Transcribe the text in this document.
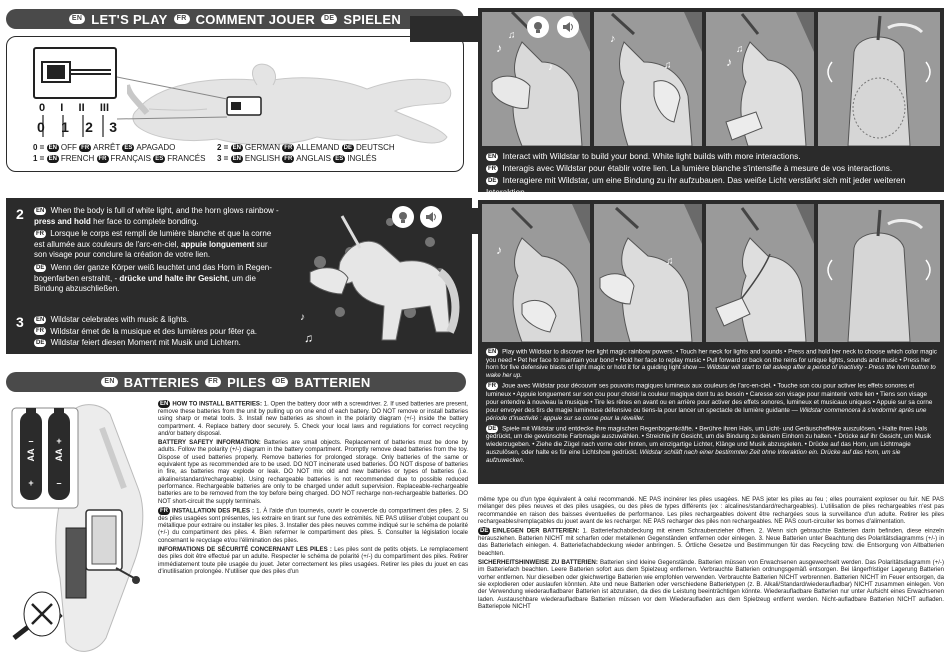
EN LET'S PLAY	FR COMMENT JOUER	DE SPIELEN
0 I II III
0 1 2 3
0 = EN OFF FR ARRÊT ES APAGADO
1 = EN FRENCH FR FRANÇAIS ES FRANCÉS
2 = EN GERMAN FR ALLEMAND DE DEUTSCH
3 = EN ENGLISH FR ANGLAIS ES INGLÉS
♪
♫
♪
♪
♫	♪
♫
EN Interact with Wildstar to build your bond. White light builds with more interactions.
FR Interagis avec Wildstar pour établir votre lien. La lumière blanche s'intensifie à mesure de vos interactions.
DE Interagiere mit Wildstar, um eine Bindung zu ihr aufzubauen. Das weiße Licht verstärkt sich mit jeder weiteren Interaktion.
2	EN When the body is full of white light, and the horn glows rainbow - press and hold her face to complete bonding.
FR Lorsque le corps est rempli de lumière blanche et que la corne est allumée aux couleurs de l'arc-en-ciel, appuie longuement sur son visage pour conclure la création de votre lien.
DE Wenn der ganze Körper weiß leuchtet und das Horn in Regen-bogenfarben erstrahlt, - drücke und halte ihr Gesicht, um die Bindung abzuschließen.
3	EN Wildstar celebrates with music & lights.
FR Wildstar émet de la musique et des lumières pour fêter ça.
DE Wildstar feiert diesen Moment mit Musik und Lichtern.	♫
♪
♪
♫
EN Play with Wildstar to discover her light magic rainbow powers. • Touch her neck for lights and sounds • Press and hold her neck to choose which color magic you need • Pet her face to maintain your bond • Hold her face to replay music • Pull forward or back on the reins for unique lights, sounds and music • Press her horn for five defensive blasts of light magic or hold it for a guiding light show — Wildstar will start to fall asleep after a period of inactivity - Press the horn button to wake her up.
FR Joue avec Wildstar pour découvrir ses pouvoirs magiques lumineux aux couleurs de l'arc-en-ciel. • Touche son cou pour activer les effets sonores et lumineux • Appuie longuement sur son cou pour choisir la couleur magique dont tu as besoin • Caresse son visage pour maintenir votre lien • Tiens son visage pour entendre à nouveau la musique • Tire les rênes en avant ou en arrière pour activer des effets sonores, lumineux et musicaux uniques • Appuie sur sa corne pour envoyer des tirs de magie lumineuse défensive ou tiens-la pour lancer un spectacle de lumière guidante — Wildstar commencera à s'endormir après une période d'inactivité : appuie sur sa corne pour la réveiller.
DE Spiele mit Wildstar und entdecke ihre magischen Regenbogenkräfte. • Berühre ihren Hals, um Licht- und Geräuscheffekte auszulösen. • Halte ihren Hals gedrückt, um die gewünschte Farbmagie auszuwählen. • Streichle ihr Gesicht, um die Bindung zu deinem Einhorn zu halten. • Drücke auf ihr Gesicht, um Musik wiederzugeben. • Ziehe die Zügel nach vorne oder hinten, um einzigartige Lichter, Klänge und Musik abzuspielen. • Drücke auf das Horn, um Lichtmagie auszulösen, oder halte es für eine Lichtshow gedrückt. Wildstar schläft nach einer bestimmten Zeit ohne Interaktion ein. Drücke auf das Horn, um sie aufzuwecken.
EN BATTERIES	FR PILES	DE BATTERIEN
–
AA
+
+
AA
–
EN HOW TO INSTALL BATTERIES: 1. Open the battery door with a screwdriver. 2. If used batteries are present, remove these batteries from the unit by pulling up on one end of each battery. DO NOT remove or install batteries using sharp or metal tools. 3. Install new batteries as shown in the polarity diagram (+/-) inside the battery compartment. 4. Replace battery door securely. 5. Check your local laws and regulations for correct recycling and/or battery disposal.
BATTERY SAFETY INFORMATION: Batteries are small objects. Replacement of batteries must be done by adults. Follow the polarity (+/-) diagram in the battery compartment. Promptly remove dead batteries from the toy. Dispose of used batteries properly. Remove batteries for prolonged storage. Only batteries of the same or equivalent type as recommended are to be used. DO NOT incinerate used batteries. DO NOT dispose of batteries in fire, as batteries may explode or leak. DO NOT mix old and new batteries or types of batteries (i.e. alkaline/standard/rechargeable). Using rechargeable batteries is not recommended due to possible reduced performance. Rechargeable batteries are only to be charged under adult supervision. Replaceable-rechargeable batteries are to be removed from the toy before being charged. DO NOT recharge non-rechargeable batteries. DO NOT short-circuit the supply terminals.
FR INSTALLATION DES PILES : 1. À l'aide d'un tournevis, ouvrir le couvercle du compartiment des piles. 2. Si des piles usagées sont présentes, les extraire en tirant sur l'une des extrémités. NE PAS utiliser d'objet coupant ou métallique pour extraire ou installer les piles. 3. Installer des piles neuves comme indiqué sur le schéma de polarité (+/-) du compartiment des piles. 4. Bien refermer le compartiment des piles. 5. Consulter la législation locale concernant le recyclage et/ou l'élimination des piles.
INFORMATIONS DE SÉCURITÉ CONCERNANT LES PILES : Les piles sont de petits objets. Le remplacement des piles doit être effectué par un adulte. Respecter le schéma de polarité (+/-) du compartiment des piles. Retirer immédiatement toute pile usagée du jouet. Jeter correctement les piles usagées. Retirer les piles du jouet en cas d'inutilisation prolongée. N'utiliser que des piles d'un
même type ou d'un type équivalent à celui recommandé. NE PAS incinérer les piles usagées. NE PAS jeter les piles au feu ; elles pourraient exploser ou fuir. NE PAS mélanger des piles neuves et des piles usagées, ou des piles de types différents (ex : alcalines/standard/rechargeables). L'utilisation de piles rechargeables n'est pas recommandée en raison des baisses éventuelles de performance. Les piles rechargeables doivent être rechargées sous la surveillance d'un adulte. Retirer les piles rechargeables/remplaçables du jouet avant de les recharger. NE PAS recharger des piles non rechargeables. NE PAS court-circuiter les bornes d'alimentation.
DE EINLEGEN DER BATTERIEN: 1. Batteriefachabdeckung mit einem Schraubenzieher öffnen. 2. Wenn sich gebrauchte Batterien darin befinden, diese einzeln herausziehen. Batterien NICHT mit scharfen oder metallenen Gegenständen entfernen oder einlegen. 3. Neue Batterien unter Beachtung des Polaritätsdiagramms (+/-) in das Batteriefach einlegen. 4. Batteriefachabdeckung wieder anbringen. 5. Örtliche Gesetze und Bestimmungen für das Recycling bzw. die Entsorgung von Altbatterien beachten.
SICHERHEITSHINWEISE ZU BATTERIEN: Batterien sind kleine Gegenstände. Batterien müssen von Erwachsenen ausgewechselt werden. Das Polaritätsdiagramm (+/-) im Batteriefach beachten. Leere Batterien sofort aus dem Spielzeug entfernen. Verbrauchte Batterien ordnungsgemäß entsorgen. Bei längerfristiger Lagerung Batterien vorher entfernen. Nur dieselben oder gleichwertige Batterien wie empfohlen verwenden. Verbrauchte Batterien NICHT verbrennen. Batterien NICHT im Feuer entsorgen, da sie explodieren oder auslaufen könnten. Alte und neue Batterien oder verschiedene Batterietypen (z. B. Alkali/Standard/wiederaufladbar) NICHT zusammen einlegen. Von der Verwendung wiederaufladbarer Batterien ist abzuraten, da dies die Leistung beeinträchtigen könnte. Wiederaufladbare Batterien nur unter Aufsicht eines Erwachsenen laden. Austauschbare wiederaufladbare Batterien müssen vor dem Wiederaufladen aus dem Spielzeug entfernt werden. Nicht-aufladbare Batterien NICHT aufladen. Batteriepole NICHT
